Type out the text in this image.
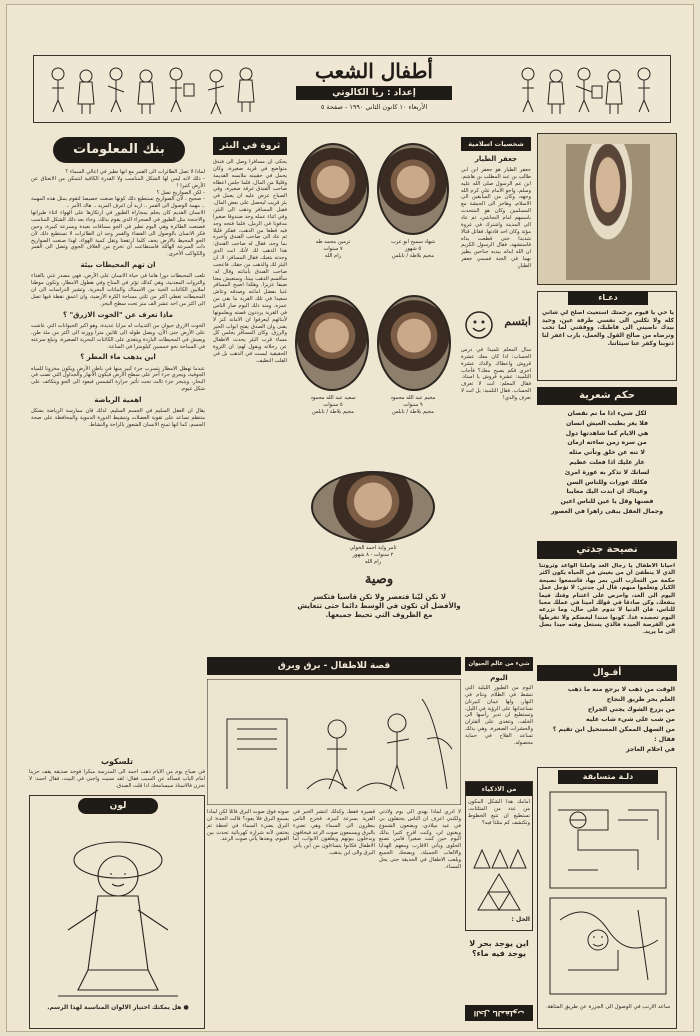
أطفال الشعب
إعداد : ريا الكالوتي
الأربعاء ١٠ كانون الثاني ١٩٩٠ - صفحة ٥
بنك المعلومات

لماذا لا تصل الطائرات الى القمر مع انها تطير في اعالي السماء ؟

- ذلك لانه ليس لها الشكل المناسب ولا القدرة الكافية لتتمكن من الانعتاق عن الأرض كثيرا !

- لكن الصواريخ تصل ؟

- صحيح ، لأن الصواريخ تستطيع ذلك كونها صنعت خصيصا لتقوم بمثل هذه المهمة .. مهمة الوصول الى القمر .. اريد أن اعرف المزيد .. هاك الأمر ..

الانسان القديم كان يحلم بمجاراة الطيور في ارتكازها على الهواء اثناء طيرانها والاجنحة مثل الطيور في الصحراء الذي يقوم بذلك، وجاء بعد ذلك الشكل المناسب فصنعت الطائرة وهي اليوم تطير في الجو مسافات بعيدة وبسرعة كبيرة، وحين فكر الانسان بالوصول الى الفضاء والقمر وجد ان الطائرات لا تستطيع ذلك لأن الجو المحيط بالارض يخف كلما ارتفعنا وتقل كمية الهواء، لهذا صنعت الصواريخ ذات السرعة الهائلة فاستطاعت ان تخرج من الغلاف الجوي وتصل الى القمر والكواكب الأخرى.

ان تهم المحيطات بيئة

تلعب المحيطات دورا هاما في حياة الانسان على الأرض، فهي مصدر غني بالغذاء والثروات المعدنية، وهي كذلك تؤثر في المناخ وفي هطول الامطار، وتكون موطنا لملايين الكائنات الحية من الاسماك والنباتات البحرية. وتشير الدراسات الى ان المحيطات تغطي اكثر من ثلثي مساحة الكرة الأرضية، وان اعمق نقطة فيها تصل الى اكثر من احد عشر الف متر تحت سطح البحر.

ماذا تعرف عن "الخوت الازرق" ؟

الحوت الازرق حيوان من الثدييات له مزايا عديدة، وهو اكبر الحيوانات التي عاشت على الأرض حتى الآن، ويصل طوله الى ثلاثين مترا ووزنه الى اكثر من مئة طن، ويعيش في المحيطات الباردة ويتغذى على الكائنات البحرية الصغيرة، وتبلغ سرعته في السباحة نحو خمسين كيلومترا في الساعة.

اين يذهب ماء المطر ؟

عندما تهطل الامطار يتسرب جزء كبير منها في باطن الأرض ويكون مخزونا للمياه الجوفية، ويجري جزء آخر على سطح الأرض فيكون الأنهار والجداول التي تصب في البحار، ويتبخر جزء ثالث تحت تأثير حرارة الشمس فيعود الى الجو ويتكاثف على شكل غيوم.

اهمية الرياضة

يقال ان العقل السليم في الجسم السليم، لذلك فان ممارسة الرياضة بشكل منتظم تساعد على تقوية العضلات وتنشيط الدورة الدموية والمحافظة على صحة الجسم، كما انها تمنح الانسان الشعور بالراحة والنشاط.

ثروة في البئر
يحكى ان مسافرا وصل الى فندق متواضع في قرية صغيرة، وكان يحمل في حقيبته ملابسه القديمة وقليلا من المال، فلما جلس اعطاه صاحب الفندق غرفة صغيرة، وفي الصباح عرض عليه ان يعمل في بئر قريب ليحصل على بعض المال، فقبل المسافر وذهب الى البئر، وفي اثناء عمله وجد صندوقا صغيرا مدفونا في الرمل، فلما فتحه وجد فيه قطعا من الذهب، ففكر قليلا ثم عاد الى صاحب الفندق واخبره بما وجد، فقال له صاحب الفندق: هذا الذهب لك لأنك انت الذي وجدته بتعبك. فقال المسافر: لا، ان البئر لك والذهب من حقك. فاعجب صاحب الفندق بأمانته وقال له: سأقسم الذهب بيننا، وستعيش معنا ضيفا عزيزا. وهكذا اصبح المسافر غنيا بفضل امانته وصدقه وعاش سعيدا في تلك القرية ما بقي من عمره. ومنذ ذلك اليوم صار الناس في القرية يرددون قصته ويعلمونها لأبنائهم ليعرفوا ان الامانة كنز لا يفنى وان الصدق يفتح ابواب الخير والرزق. وكان المسافر يجلس كل مساء قرب البئر يحدث الاطفال عن رحلاته ويقول لهم: ان الثروة الحقيقية ليست في الذهب بل في القلب النظيف.
ترمين محمد طه
٧ سنوات
رام الله
شهاد سميح ابو عرب
٥ شهور
مخيم بلاطة / نابلس
سعيد عبد الله محمود
٥ سنوات
مخيم بلاطة / نابلس
مخيم عبد الله محمود
٩ سنوات
مخيم بلاطة / نابلس
ثامر واية احمد الخولي
٢ سنوات - ٨ شهور
رام الله
وصية
لا تكن ليّنا فتعصر ولا تكن قاسيا فتكسر والأفضل ان تكون في الوسط دائما حتى تتعايش مع الظروف التي تحيط جميعها.
شخصيات اسلامية
جعفر الطيار
جعفر الطيار هو جعفر ابن ابي طالب بن عبد المطلب بن هاشم، ابن عم الرسول صلى الله عليه وسلم، واخو الامام علي كرم الله وجهه، وكان من السابقين الى الاسلام، وهاجر الى الحبشة مع المسلمين وكان هو المتحدث باسمهم امام النجاشي، ثم عاد الى المدينة واشترك في غزوة مؤتة وكان احد قادتها، فقاتل قتالا شديدا حتى قطعت يداه فاستشهد، فقال الرسول الكريم ان الله ابدله بيديه جناحين يطير بهما في الجنة فسمي جعفر الطيار.
ابتسم
سأل المعلم تلميذا في درس الحساب: اذا كان معك عشرة قروش واعطاك والدك عشرة اخرى فكم يصبح معك؟ فأجاب التلميذ: عشرة قروش يا استاذ. فقال المعلم: انت لا تعرف الحساب. فقال التلميذ: بل انت لا تعرف والدي!
دعـاء
يا حي يا قيوم برحمتك استغيث اصلح لي شأني كله ولا تكلني الى نفسي طرفة عين، وحيد بيدك ناصيتي الى فاطبك، ووفقني لما تحب وترضاه من صالح القول والعمل، يارب اغفر لنا ذنوبنا وكفر عنا سيئاتنا.
حكم شعرية
لكل شيء اذا ما تم نقصان
فلا يغر بطيب العيش انسان
هي الايام كما شاهدتها دول
من سره زمن ساءته ازمان
لا تنه عن خلق وتأتي مثله
عار عليك اذا فعلت عظيم
لسانك لا تذكر به عورة امرئ
فكلك عورات وللناس السن
وعيناك ان ابدت اليك معايبا
فصنها وقل يا عين للناس اعين
وجمال العقل يبقى زاهرا في العصور
نصيحة جدتي
احيانا الاطفال يا رجال الغد واملنا الواعد وثروتنا الذي لا ينطفئ ان من يعيش في الحياة يكون اكثر حكمة من التجارب التي يمر بها، فاسمعوا نصيحة الكبار وتعلموا منهم، قال لي جدتي: لا تؤجل عمل اليوم الى الغد، واحرص على اغتنام وقتك فيما ينفعك، وكن صادقا في قولك امينا في عملك محبا للناس، فان الدنيا لا تدوم على حال، وما تزرعه اليوم تحصده غدا. كونوا سندا لبعضكم ولا تفرطوا في الفرصة الجيدة فالذي يستغل وقته جيدا يصل الى ما يريد.
أقـوال
الوقت من ذهب لا يرجع منه ما ذهب
العلم بحر طريق النجاح
من يزرع الشوك يجني الجراح
من شب على شيء شاب عليه
من السهل الممكن المستحيل ابن تقيم ؟ فقال :
في احلام العاجز
دلـة متسابقة
ساعد الارنب في الوصول الى الجزرة عن طريق المتاهة.
قصة للاطفال - برق وبرق
لا ادري لماذا يهدي الى يوم ولادتي ولكنني اعرف ان الناس يحتفلون بي في عيد ميلادي، ويضعون الشموع ويغنون لي، وكنت افرح كثيرا بذلك اليوم حين كنت صغيرا فامي تصنع الحلوى ويأتي الاقارب ومعهم الهدايا والالعاب الجميلة، ويضحك الجميع ويلعب الاطفال في الحديقة حتى يحل المساء.
قصيرة فقط، وكذلك انتشر الخبر في القرية بسرعة كبيرة، فخرج الناس ينظرون الى السماء وهي تضيء بالبرق ويسمعون صوت الرعد فيخافون ويدخلون بيوتهم ويغلقون الابواب، اما الاطفال فكانوا يتساءلون من اين يأتي البرق والى اين يذهب.
صوته فوق صوت البرق فائلا لكن لماذا يسمع البرق فلا يعود؟ قالت الجدة: ان البرق يضيء السماء في لحظة ثم يختفي لأنه شرارة كهربائية تحدث بين الغيوم، وبعدها يأتي صوت الرعد.
لون
● هل يمكنك اختيار الالوان المناسبة لهذا الرسم.
تلسكوب
في صباح يوم من الايام ذهب احمد الى المدرسة مبكرا فوجد صديقه يقف حزينا امام الباب فسأله عن السبب فقال: لقد نسيت واجبي في البيت، فقال احمد: لا تحزن فالاستاذ سيسامحك اذا قلت الصدق.
شيء من عالم الحيوان
البوم
البوم من الطيور الليلية التي تنشط في الظلام وتنام في النهار، ولها عينان كبيرتان تساعدانها على الرؤية في الليل، وتستطيع ان تدير رأسها الى الخلف، وتتغذى على الفئران والحشرات الصغيرة، وهي بذلك تساعد الفلاح في حماية محصوله.
من الاذكياء
امامك هذا الشكل المكون من عدد من المثلثات، تستطيع ان تتبع الخطوط وتكتشف كم مثلثا فيه؟
الحل :
اين يوجد بحر لا يوجد فيه ماء؟
الحل بالمقلوب
